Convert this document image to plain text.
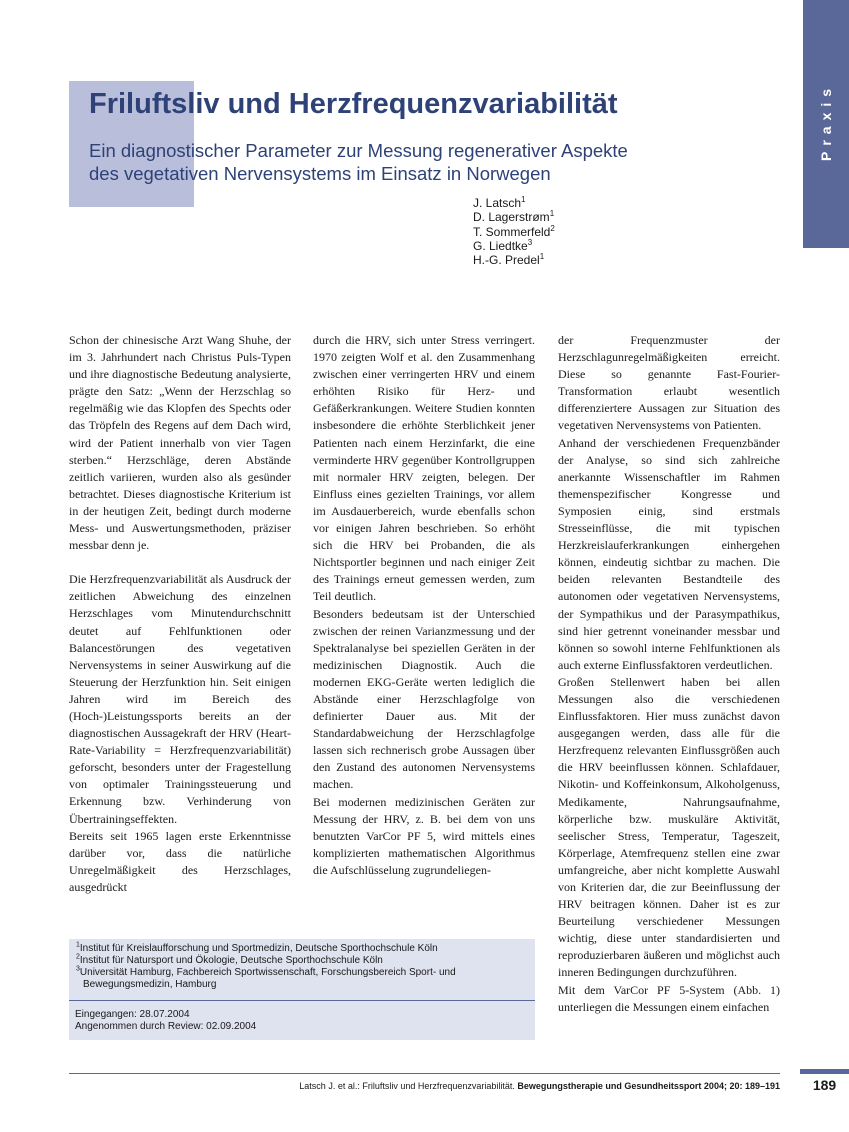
Praxis
Friluftsliv und Herzfrequenzvariabilität
Ein diagnostischer Parameter zur Messung regenerativer Aspekte
des vegetativen Nervensystems im Einsatz in Norwegen
J. Latsch$^1$
D. Lagerstrøm$^1$
T. Sommerfeld$^2$
G. Liedtke$^3$
H.-G. Predel$^1$

Schon der chinesische Arzt Wang Shuhe, der im 3. Jahrhundert nach Christus Puls-Typen und ihre diagnostische Bedeutung analysierte, prägte den Satz: „Wenn der Herzschlag so regelmäßig wie das Klopfen des Spechts oder das Tröpfeln des Regens auf dem Dach wird, wird der Patient innerhalb von vier Tagen sterben.“ Herzschläge, deren Abstände zeitlich variieren, wurden also als gesünder betrachtet. Dieses diagnostische Kriterium ist in der heutigen Zeit, bedingt durch moderne Mess- und Auswertungsmethoden, präziser messbar denn je.

Die Herzfrequenzvariabilität als Ausdruck der zeitlichen Abweichung des einzelnen Herzschlages vom Minutendurchschnitt deutet auf Fehlfunktionen oder Balancestörungen des vegetativen Nervensystems in seiner Auswirkung auf die Steuerung der Herzfunktion hin. Seit einigen Jahren wird im Bereich des (Hoch-)Leistungssports bereits an der diagnostischen Aussagekraft der HRV (Heart-Rate-Variability = Herzfrequenzvariabilität) geforscht, besonders unter der Fragestellung von optimaler Trainingssteuerung und Erkennung bzw. Verhinderung von Übertrainingseffekten.

Bereits seit 1965 lagen erste Erkenntnisse darüber vor, dass die natürliche Unregelmäßigkeit des Herzschlages, ausgedrückt

durch die HRV, sich unter Stress verringert. 1970 zeigten Wolf et al. den Zusammenhang zwischen einer verringerten HRV und einem erhöhten Risiko für Herz- und Gefäßerkrankungen. Weitere Studien konnten insbesondere die erhöhte Sterblichkeit jener Patienten nach einem Herzinfarkt, die eine verminderte HRV gegenüber Kontrollgruppen mit normaler HRV zeigten, belegen. Der Einfluss eines gezielten Trainings, vor allem im Ausdauerbereich, wurde ebenfalls schon vor einigen Jahren beschrieben. So erhöht sich die HRV bei Probanden, die als Nichtsportler beginnen und nach einiger Zeit des Trainings erneut gemessen werden, zum Teil deutlich.

Besonders bedeutsam ist der Unterschied zwischen der reinen Varianzmessung und der Spektralanalyse bei speziellen Geräten in der medizinischen Diagnostik. Auch die modernen EKG-Geräte werten lediglich die Abstände einer Herzschlagfolge von definierter Dauer aus. Mit der Standardabweichung der Herzschlagfolge lassen sich rechnerisch grobe Aussagen über den Zustand des autonomen Nervensystems machen.

Bei modernen medizinischen Geräten zur Messung der HRV, z. B. bei dem von uns benutzten VarCor PF 5, wird mittels eines komplizierten mathematischen Algorithmus die Aufschlüsselung zugrundeliegen-

der Frequenzmuster der Herzschlagunregelmäßigkeiten erreicht. Diese so genannte Fast-Fourier-Transformation erlaubt wesentlich differenziertere Aussagen zur Situation des vegetativen Nervensystems von Patienten.

Anhand der verschiedenen Frequenzbänder der Analyse, so sind sich zahlreiche anerkannte Wissenschaftler im Rahmen themenspezifischer Kongresse und Symposien einig, sind erstmals Stresseinflüsse, die mit typischen Herzkreislauferkrankungen einhergehen können, eindeutig sichtbar zu machen. Die beiden relevanten Bestandteile des autonomen oder vegetativen Nervensystems, der Sympathikus und der Parasympathikus, sind hier getrennt voneinander messbar und können so sowohl interne Fehlfunktionen als auch externe Einflussfaktoren verdeutlichen.

Großen Stellenwert haben bei allen Messungen also die verschiedenen Einflussfaktoren. Hier muss zunächst davon ausgegangen werden, dass alle für die Herzfrequenz relevanten Einflussgrößen auch die HRV beeinflussen können. Schlafdauer, Nikotin- und Koffeinkonsum, Alkoholgenuss, Medikamente, Nahrungsaufnahme, körperliche bzw. muskuläre Aktivität, seelischer Stress, Temperatur, Tageszeit, Körperlage, Atemfrequenz stellen eine zwar umfangreiche, aber nicht komplette Auswahl von Kriterien dar, die zur Beeinflussung der HRV beitragen können. Daher ist es zur Beurteilung verschiedener Messungen wichtig, diese unter standardisierten und reproduzierbaren äußeren und möglichst auch inneren Bedingungen durchzuführen.

Mit dem VarCor PF 5-System (Abb. 1) unterliegen die Messungen einem einfachen

$^1$Institut für Kreislaufforschung und Sportmedizin, Deutsche Sporthochschule Köln
$^2$Institut für Natursport und Ökologie, Deutsche Sporthochschule Köln
$^3$Universität Hamburg, Fachbereich Sportwissenschaft, Forschungsbereich Sport- und Bewegungsmedizin, Hamburg
Eingegangen: 28.07.2004
Angenommen durch Review: 02.09.2004
Latsch J. et al.: Friluftsliv und Herzfrequenzvariabilität. Bewegungstherapie und Gesundheitssport 2004; 20: 189–191	189
